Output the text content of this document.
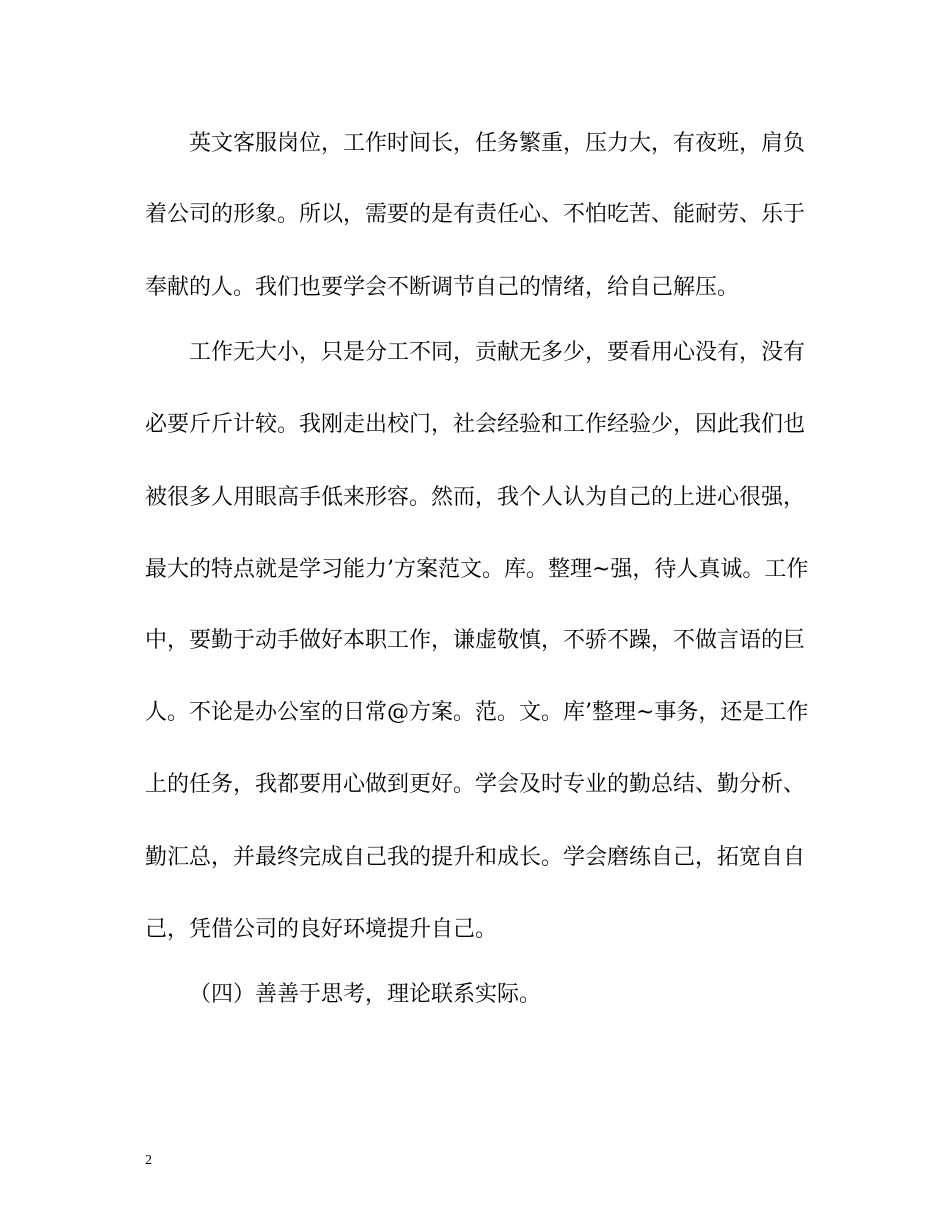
英文客服岗位，工作时间长，任务繁重，压力大，有夜班，肩负
着公司的形象。所以，需要的是有责任心、不怕吃苦、能耐劳、乐于
奉献的人。我们也要学会不断调节自己的情绪，给自己解压。
工作无大小，只是分工不同，贡献无多少，要看用心没有，没有
必要斤斤计较。我刚走出校门，社会经验和工作经验少，因此我们也
被很多人用眼高手低来形容。然而，我个人认为自己的上进心很强，
最大的特点就是学习能力’方案范文。库。整理~强，待人真诚。工作
中，要勤于动手做好本职工作，谦虚敬慎，不骄不躁，不做言语的巨
人。不论是办公室的日常@方案。范。文。库’整理~事务，还是工作
上的任务，我都要用心做到更好。学会及时专业的勤总结、勤分析、
勤汇总，并最终完成自己我的提升和成长。学会磨练自己，拓宽自自
己，凭借公司的良好环境提升自己。
（四）善善于思考，理论联系实际。
2
